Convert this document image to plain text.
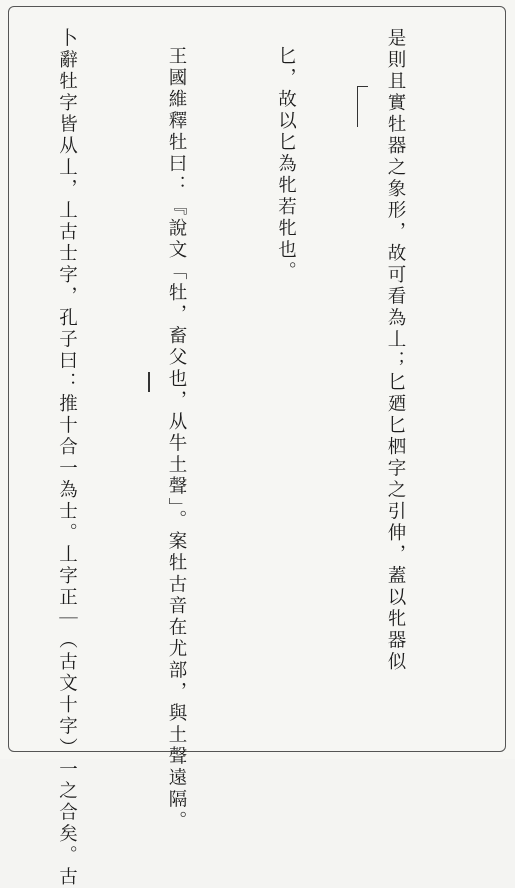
是則且實牡器之象形，故可看為丄；匕廼匕柶字之引伸，蓋以牝器似

匕，故以匕為牝若牝也。

王國維釋牡曰：『說文「牡，畜父也，从牛土聲」。案牡古音在尤部，與土聲遠隔。

卜辭牡字皆从丄，丄古士字，孔子曰：推十合一為士。丄字正｜（古文十字）一之合矣。古
